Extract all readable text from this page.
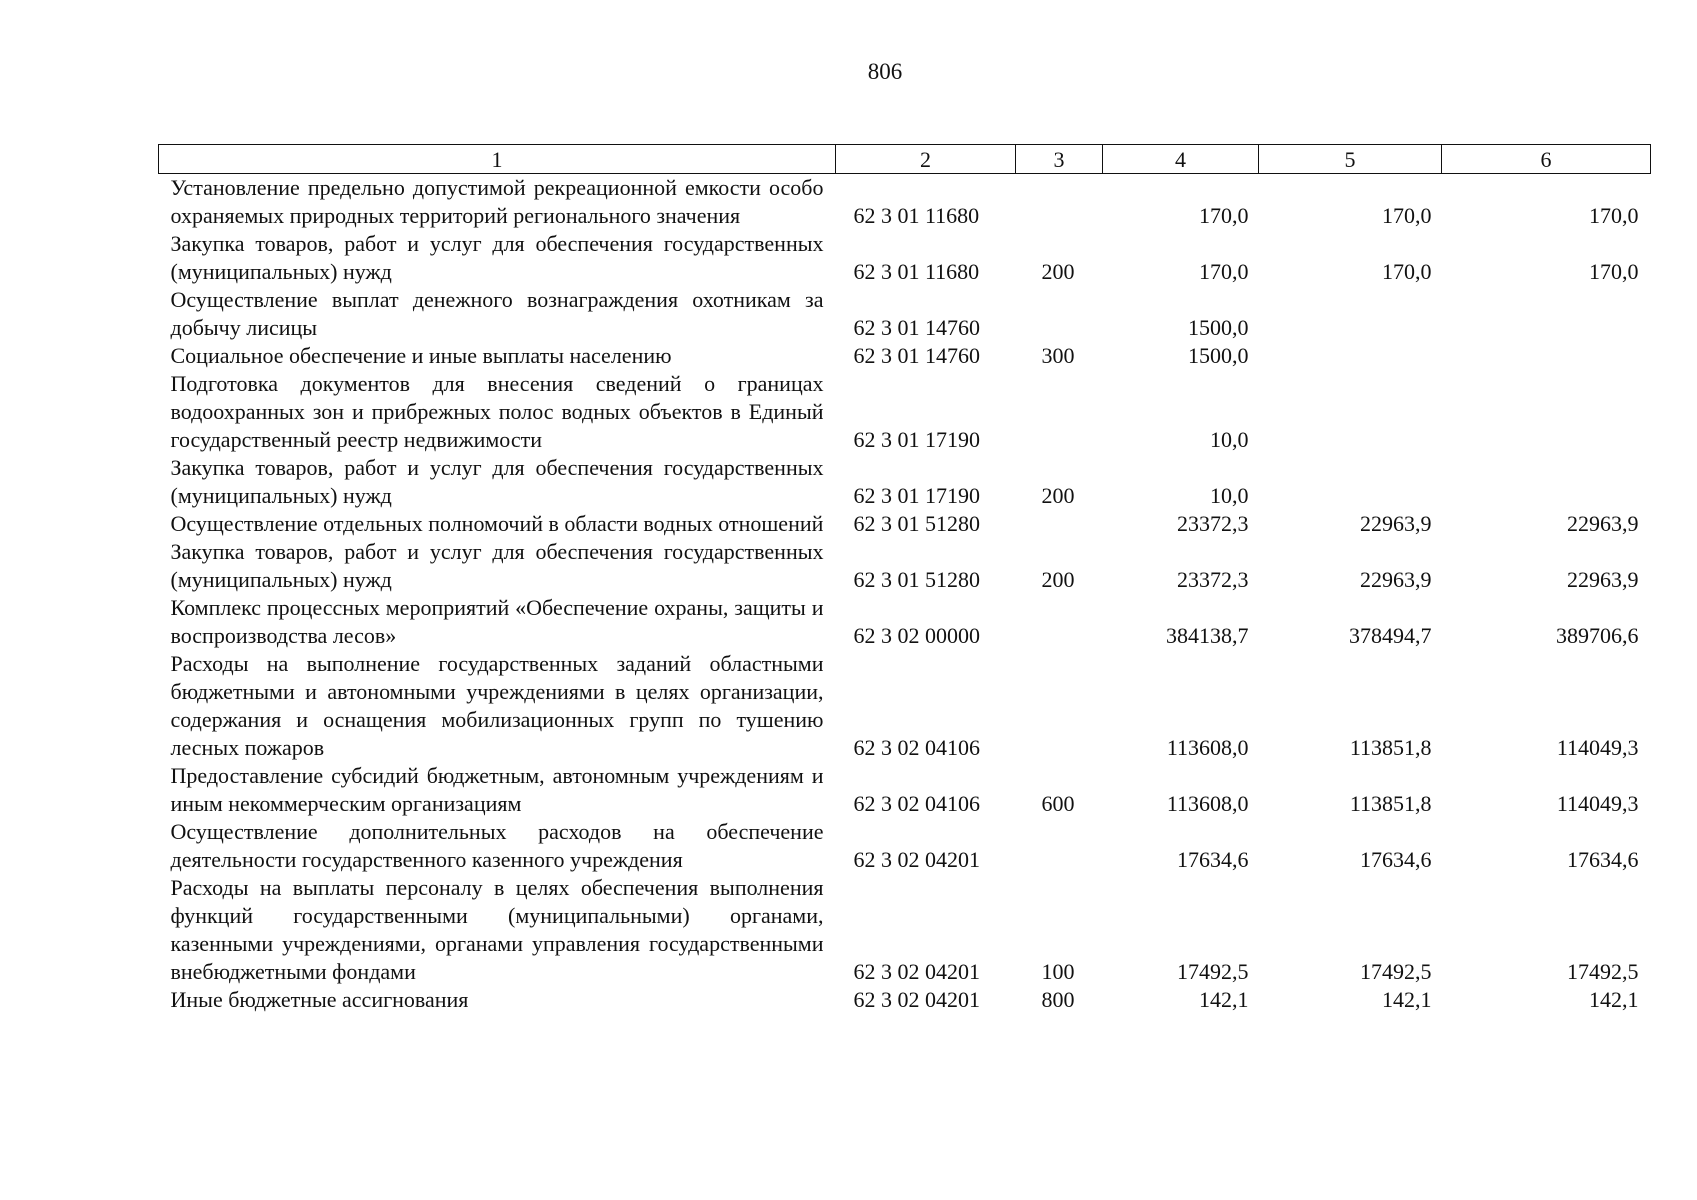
806
1	2	3	4	5	6
Установление предельно допустимой рекреационной емкости особо охраняемых природных территорий регионального значения	62 3 01 11680		170,0	170,0	170,0
Закупка товаров, работ и услуг для обеспечения государственных (муниципальных) нужд	62 3 01 11680	200	170,0	170,0	170,0
Осуществление выплат денежного вознаграждения охотникам за добычу лисицы	62 3 01 14760		1500,0		
Социальное обеспечение и иные выплаты населению	62 3 01 14760	300	1500,0		
Подготовка документов для внесения сведений о границах водоохранных зон и прибрежных полос водных объектов в Единый государственный реестр недвижимости	62 3 01 17190		10,0		
Закупка товаров, работ и услуг для обеспечения государственных (муниципальных) нужд	62 3 01 17190	200	10,0		
Осуществление отдельных полномочий в области водных отношений	62 3 01 51280		23372,3	22963,9	22963,9
Закупка товаров, работ и услуг для обеспечения государственных (муниципальных) нужд	62 3 01 51280	200	23372,3	22963,9	22963,9
Комплекс процессных мероприятий «Обеспечение охраны, защиты и воспроизводства лесов»	62 3 02 00000		384138,7	378494,7	389706,6
Расходы на выполнение государственных заданий областными бюджетными и автономными учреждениями в целях организации, содержания и оснащения мобилизационных групп по тушению лесных пожаров	62 3 02 04106		113608,0	113851,8	114049,3
Предоставление субсидий бюджетным, автономным учреждениям и иным некоммерческим организациям	62 3 02 04106	600	113608,0	113851,8	114049,3
Осуществление дополнительных расходов на обеспечение деятельности государственного казенного учреждения	62 3 02 04201		17634,6	17634,6	17634,6
Расходы на выплаты персоналу в целях обеспечения выполнения функций государственными (муниципальными) органами, казенными учреждениями, органами управления государственными внебюджетными фондами	62 3 02 04201	100	17492,5	17492,5	17492,5
Иные бюджетные ассигнования	62 3 02 04201	800	142,1	142,1	142,1
